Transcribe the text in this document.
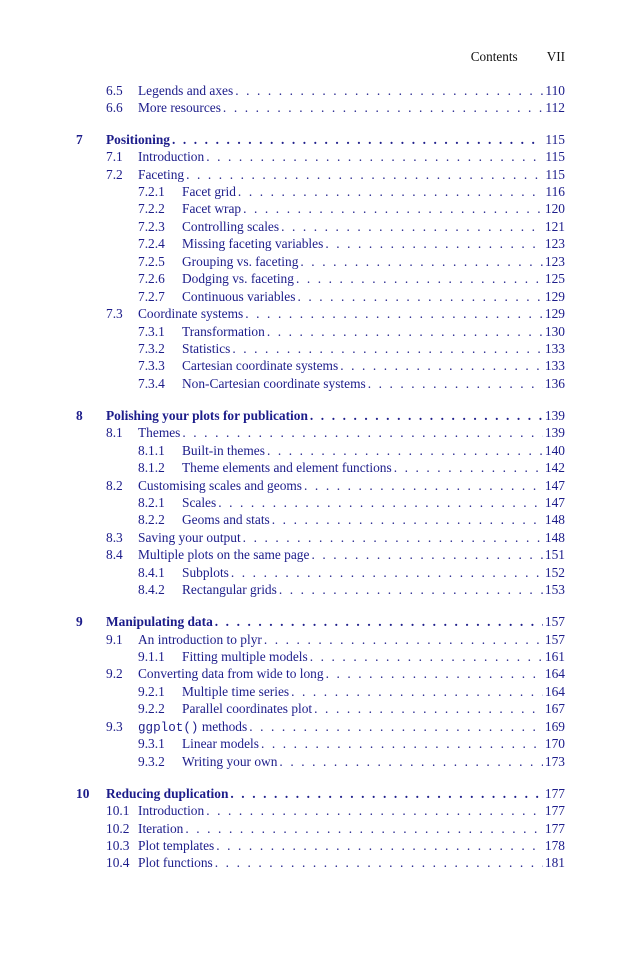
Contents VII
6.5 Legends and axes . . .	110
6.6 More resources . . .	112
7 Positioning . . .	115
7.1 Introduction . . .	115
7.2 Faceting . . .	115
7.2.1 Facet grid . . .	116
7.2.2 Facet wrap . . .	120
7.2.3 Controlling scales . . .	121
7.2.4 Missing faceting variables . . .	123
7.2.5 Grouping vs. faceting . . .	123
7.2.6 Dodging vs. faceting . . .	125
7.2.7 Continuous variables . . .	129
7.3 Coordinate systems . . .	129
7.3.1 Transformation . . .	130
7.3.2 Statistics . . .	133
7.3.3 Cartesian coordinate systems . . .	133
7.3.4 Non-Cartesian coordinate systems . . .	136
8 Polishing your plots for publication . . .	139
8.1 Themes . . .	139
8.1.1 Built-in themes . . .	140
8.1.2 Theme elements and element functions . . .	142
8.2 Customising scales and geoms . . .	147
8.2.1 Scales . . .	147
8.2.2 Geoms and stats . . .	148
8.3 Saving your output . . .	148
8.4 Multiple plots on the same page . . .	151
8.4.1 Subplots . . .	152
8.4.2 Rectangular grids . . .	153
9 Manipulating data . . .	157
9.1 An introduction to plyr . . .	157
9.1.1 Fitting multiple models . . .	161
9.2 Converting data from wide to long . . .	164
9.2.1 Multiple time series . . .	164
9.2.2 Parallel coordinates plot . . .	167
9.3 ggplot() methods . . .	169
9.3.1 Linear models . . .	170
9.3.2 Writing your own . . .	173
10 Reducing duplication . . .	177
10.1 Introduction . . .	177
10.2 Iteration . . .	177
10.3 Plot templates . . .	178
10.4 Plot functions . . .	181
